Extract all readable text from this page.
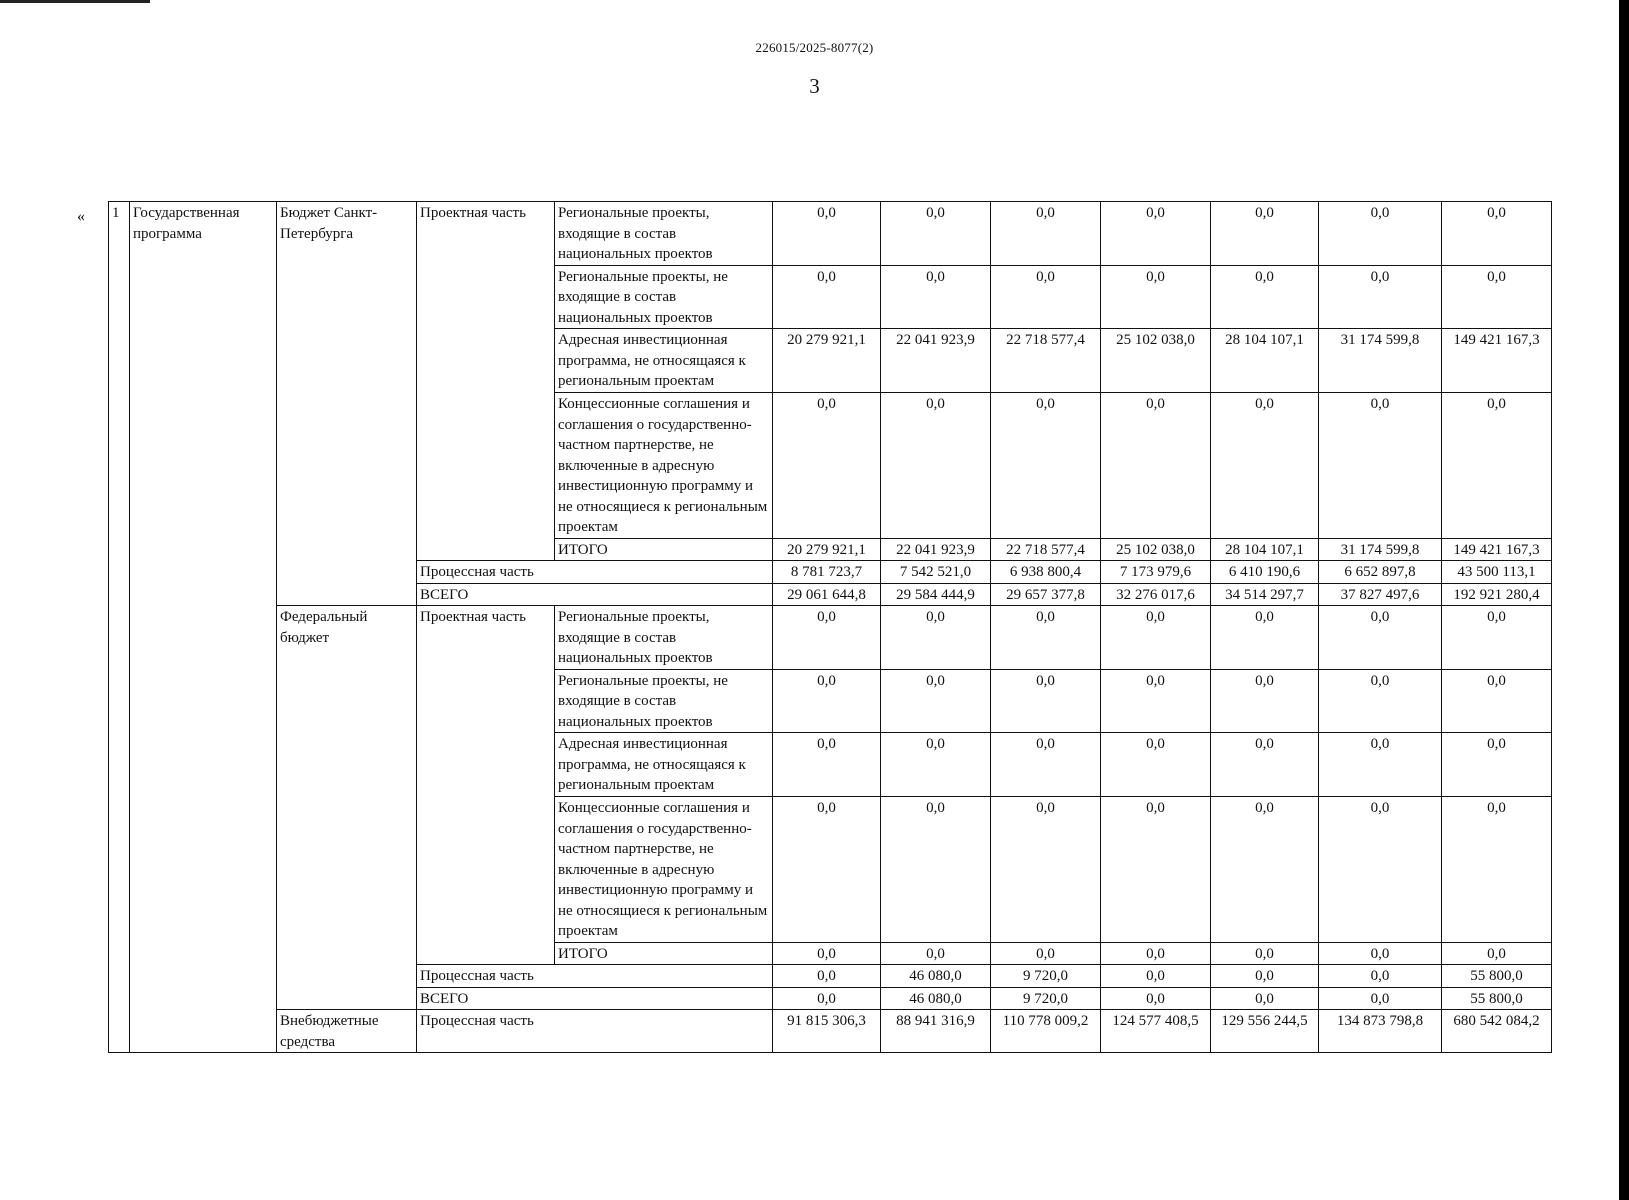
226015/2025-8077(2)
3
« 1	Государственная программа	Бюджет Санкт-Петербурга	Проектная часть	Региональные проекты, входящие в состав национальных проектов	0,0	0,0	0,0	0,0	0,0	0,0	0,0
				Региональные проекты, не входящие в состав национальных проектов	0,0	0,0	0,0	0,0	0,0	0,0	0,0
				Адресная инвестиционная программа, не относящаяся к региональным проектам	20 279 921,1	22 041 923,9	22 718 577,4	25 102 038,0	28 104 107,1	31 174 599,8	149 421 167,3
				Концессионные соглашения и соглашения о государственно-частном партнерстве, не включенные в адресную инвестиционную программу и не относящиеся к региональным проектам	0,0	0,0	0,0	0,0	0,0	0,0	0,0
				ИТОГО	20 279 921,1	22 041 923,9	22 718 577,4	25 102 038,0	28 104 107,1	31 174 599,8	149 421 167,3
			Процессная часть		8 781 723,7	7 542 521,0	6 938 800,4	7 173 979,6	6 410 190,6	6 652 897,8	43 500 113,1
			ВСЕГО		29 061 644,8	29 584 444,9	29 657 377,8	32 276 017,6	34 514 297,7	37 827 497,6	192 921 280,4
		Федеральный бюджет	Проектная часть	Региональные проекты, входящие в состав национальных проектов	0,0	0,0	0,0	0,0	0,0	0,0	0,0
				Региональные проекты, не входящие в состав национальных проектов	0,0	0,0	0,0	0,0	0,0	0,0	0,0
				Адресная инвестиционная программа, не относящаяся к региональным проектам	0,0	0,0	0,0	0,0	0,0	0,0	0,0
				Концессионные соглашения и соглашения о государственно-частном партнерстве, не включенные в адресную инвестиционную программу и не относящиеся к региональным проектам	0,0	0,0	0,0	0,0	0,0	0,0	0,0
				ИТОГО	0,0	0,0	0,0	0,0	0,0	0,0	0,0
			Процессная часть		0,0	46 080,0	9 720,0	0,0	0,0	0,0	55 800,0
			ВСЕГО		0,0	46 080,0	9 720,0	0,0	0,0	0,0	55 800,0
		Внебюджетные средства	Процессная часть		91 815 306,3	88 941 316,9	110 778 009,2	124 577 408,5	129 556 244,5	134 873 798,8	680 542 084,2
